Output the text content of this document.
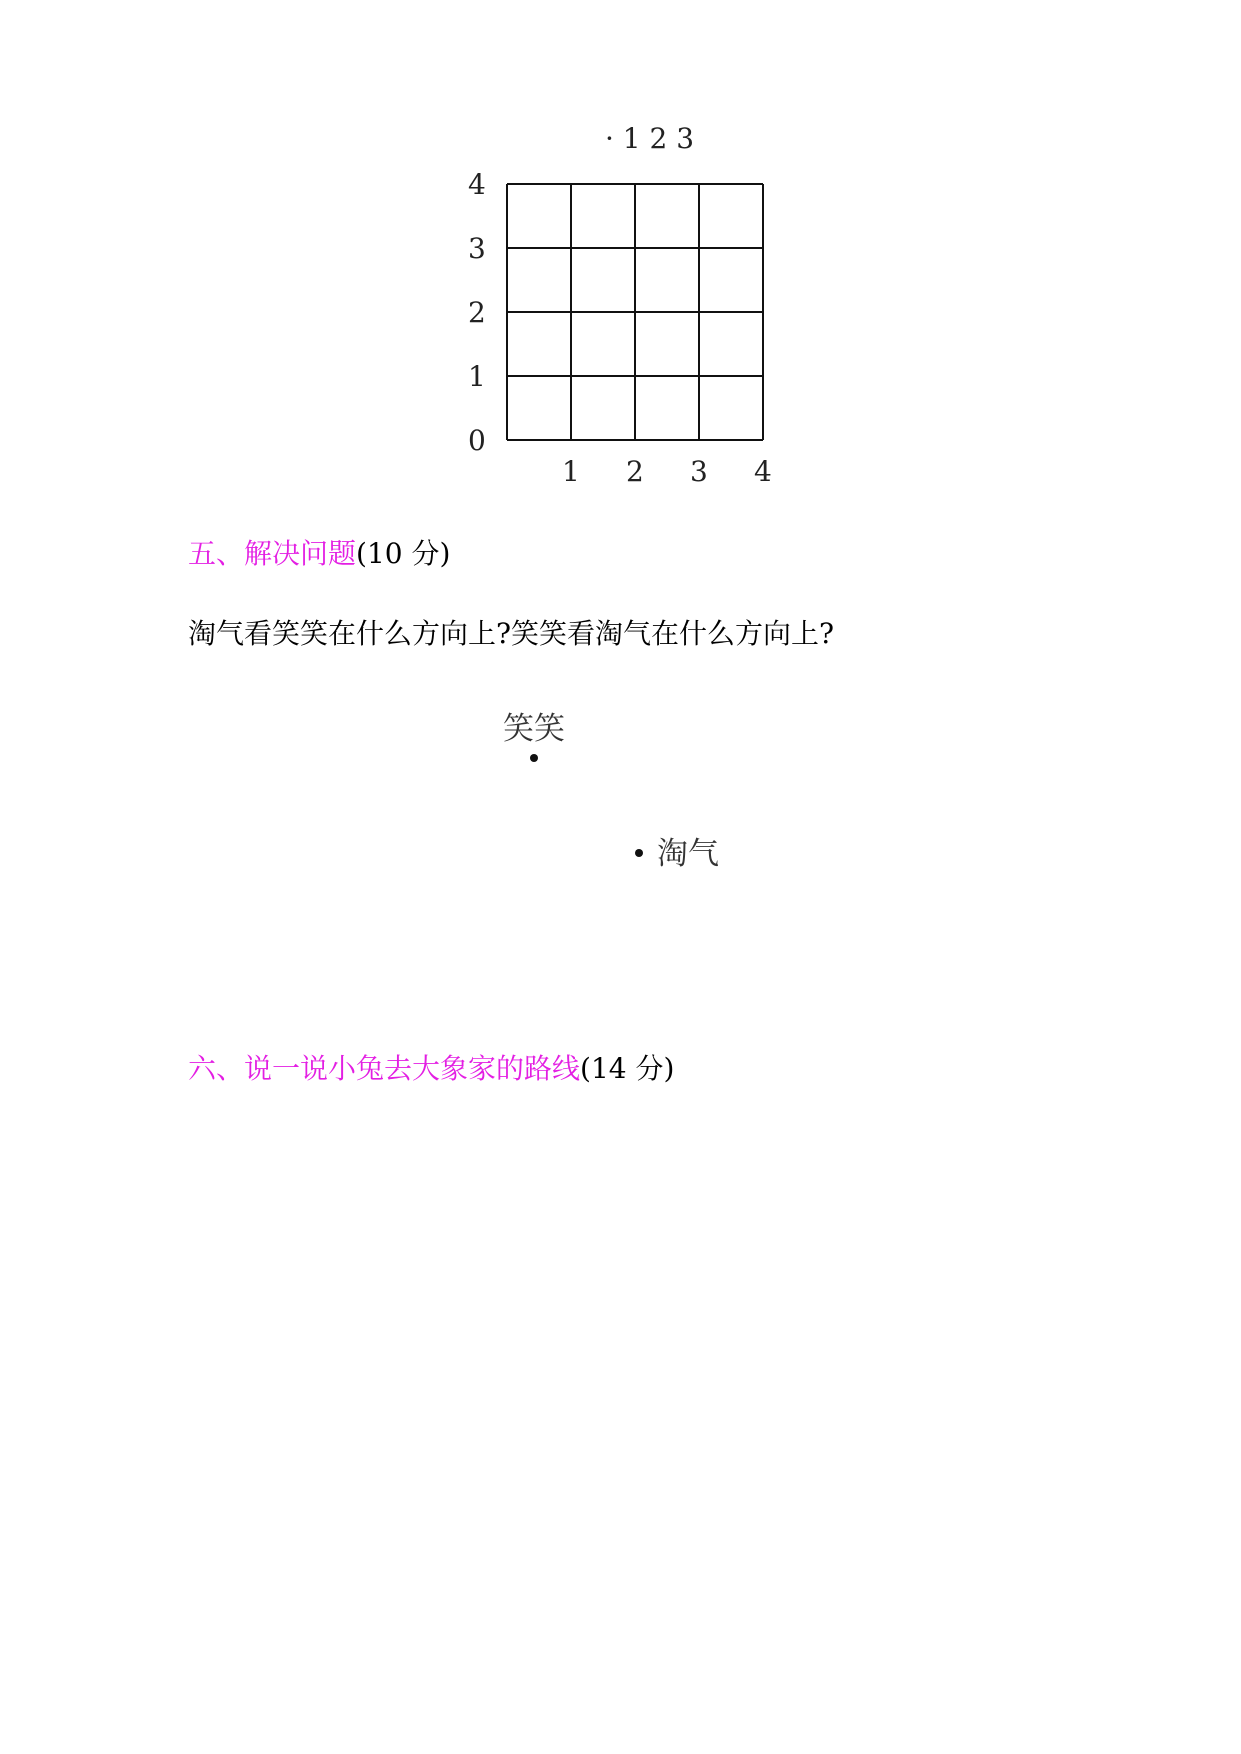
· 1 2 3
0
1
2
3
4
1 2 3 4
五、解决问题(10 分)
淘气看笑笑在什么方向上?笑笑看淘气在什么方向上?
笑笑
淘气
六、说一说小兔去大象家的路线(14 分)
